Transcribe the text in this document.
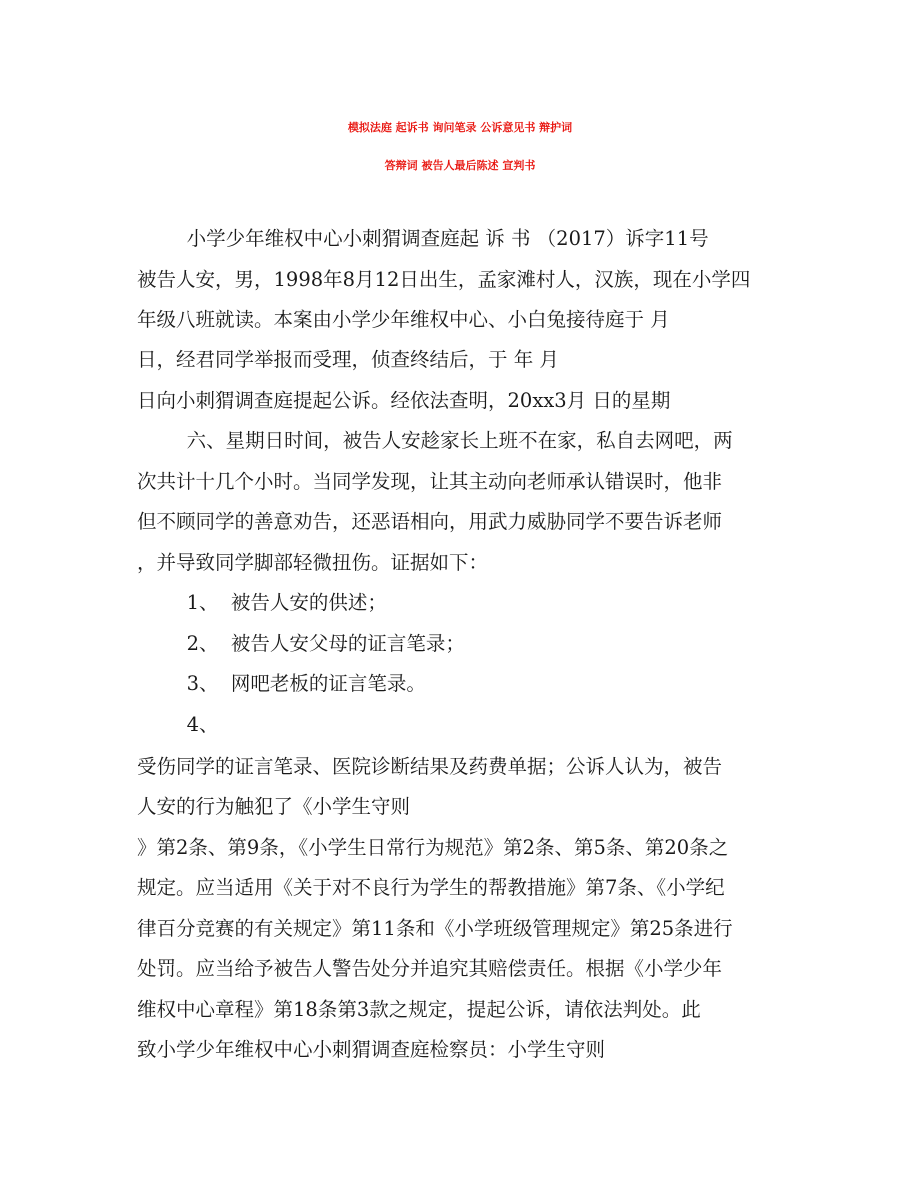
模拟法庭 起诉书 询问笔录 公诉意见书 辩护词
答辩词 被告人最后陈述 宣判书
小学少年维权中心小刺猬调查庭起 诉 书 （2017）诉字11号
被告人安，男，1998年8月12日出生，孟家滩村人，汉族，现在小学四
年级八班就读。本案由小学少年维权中心、小白兔接待庭于 月
日，经君同学举报而受理，侦查终结后，于 年 月
日向小刺猬调查庭提起公诉。经依法查明，20xx3月 日的星期
六、星期日时间，被告人安趁家长上班不在家，私自去网吧，两
次共计十几个小时。当同学发现，让其主动向老师承认错误时，他非
但不顾同学的善意劝告，还恶语相向，用武力威胁同学不要告诉老师
，并导致同学脚部轻微扭伤。证据如下：
1、  被告人安的供述；
2、  被告人安父母的证言笔录；
3、  网吧老板的证言笔录。
4、
受伤同学的证言笔录、医院诊断结果及药费单据；公诉人认为，被告
人安的行为触犯了《小学生守则
》第2条、第9条，《小学生日常行为规范》第2条、第5条、第20条之
规定。应当适用《关于对不良行为学生的帮教措施》第7条、《小学纪
律百分竞赛的有关规定》第11条和《小学班级管理规定》第25条进行
处罚。应当给予被告人警告处分并追究其赔偿责任。根据《小学少年
维权中心章程》第18条第3款之规定，提起公诉，请依法判处。此
致小学少年维权中心小刺猬调查庭检察员：小学生守则
